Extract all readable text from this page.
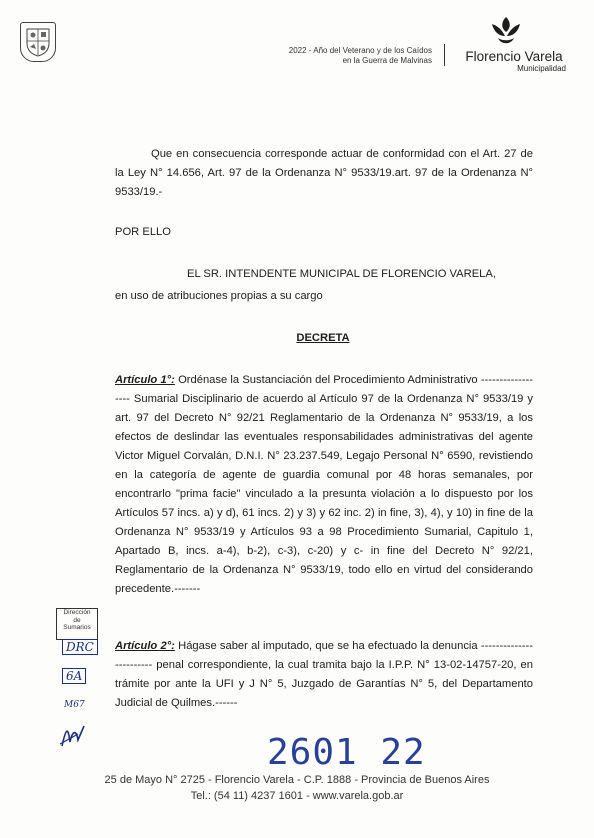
2022 - Año del Veterano y de los Caídos
en la Guerra de Malvinas	Florencio Varela
Municipalidad

Que en consecuencia corresponde actuar de conformidad con el Art. 27 de la Ley N° 14.656, Art. 97 de la Ordenanza N° 9533/19.art. 97 de la Ordenanza N° 9533/19.-

POR ELLO
EL SR. INTENDENTE MUNICIPAL DE FLORENCIO VARELA,
en uso de atribuciones propias a su cargo
DECRETA

Artículo 1°: Ordénase la Sustanciación del Procedimiento Administrativo ------------------ Sumarial Disciplinario de acuerdo al Artículo 97 de la Ordenanza N° 9533/19 y art. 97 del Decreto N° 92/21 Reglamentario de la Ordenanza N° 9533/19, a los efectos de deslindar las eventuales responsabilidades administrativas del agente Victor Miguel Corvalán, D.N.I. N° 23.237.549, Legajo Personal N° 6590, revistiendo en la categoría de agente de guardia comunal por 48 horas semanales, por encontrarlo "prima facie" vinculado a la presunta violación a lo dispuesto por los Artículos 57 incs. a) y d), 61 incs. 2) y 3) y 62 inc. 2) in fine, 3), 4), y 10) in fine de la Ordenanza N° 9533/19 y Artículos 93 a 98 Procedimiento Sumarial, Capitulo 1, Apartado B, incs. a-4), b-2), c-3), c-20) y c- in fine del Decreto N° 92/21, Reglamentario de la Ordenanza N° 9533/19, todo ello en virtud del considerando precedente.-------

Artículo 2°: Hágase saber al imputado, que se ha efectuado la denuncia ------------------------ penal correspondiente, la cual tramita bajo la I.P.P. N° 13-02-14757-20, en trámite por ante la UFI y J N° 5, Juzgado de Garantías N° 5, del Departamento Judicial de Quilmes.------

Dirección
de
Sumarios
DRC
6A
M67
2601 22
25 de Mayo N° 2725 - Florencio Varela - C.P. 1888 - Provincia de Buenos Aires
Tel.: (54 11) 4237 1601 - www.varela.gob.ar
